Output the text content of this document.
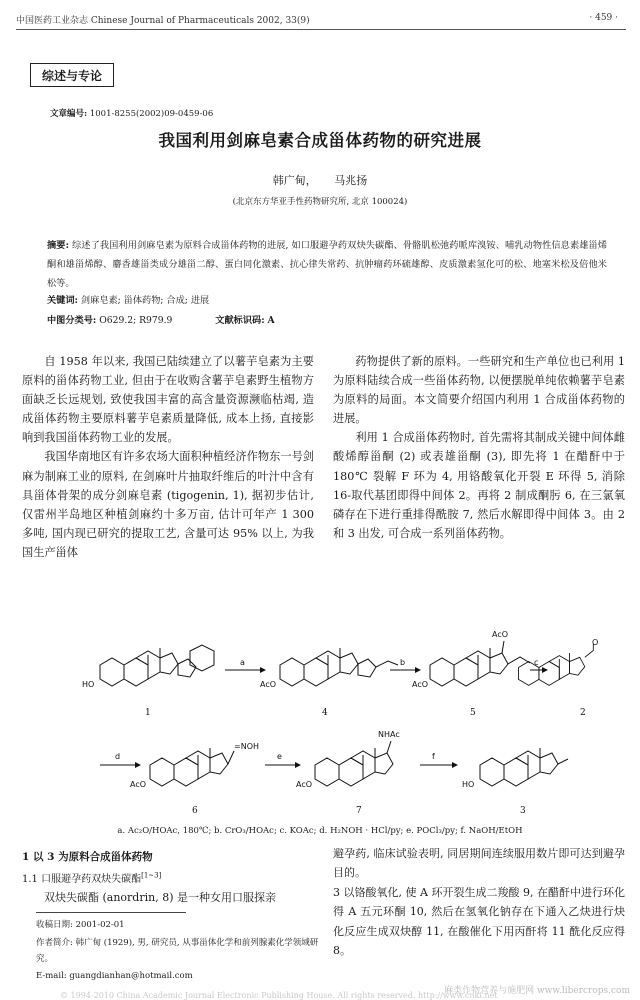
中国医药工业杂志 Chinese Journal of Pharmaceuticals 2002, 33(9)	· 459 ·
综述与专论
文章编号: 1001-8255(2002)09-0459-06
我国利用剑麻皂素合成甾体药物的研究进展
韩广甸， 马兆扬
(北京东方华亚手性药物研究所, 北京 100024)
摘要: 综述了我国利用剑麻皂素为原料合成甾体药物的进展, 如口服避孕药双炔失碳酯、骨骼肌松弛药哌库溴铵、哺乳动物性信息素雄甾烯酮和雄甾烯醇、麝香雄甾类成分雄甾二醇、蛋白同化激素、抗心律失常药、抗肿瘤药环硫雄醇、皮质激素氢化可的松、地塞米松及倍他米松等。
关键词: 剑麻皂素; 甾体药物; 合成; 进展
中图分类号: O629.2; R979.9	文献标识码: A

自 1958 年以来, 我国已陆续建立了以薯芋皂素为主要原料的甾体药物工业, 但由于在收购含薯芋皂素野生植物方面缺乏长远规划, 致使我国丰富的高含量资源濒临枯竭, 造成甾体药物主要原料薯芋皂素质量降低, 成本上扬, 直接影响到我国甾体药物工业的发展。

我国华南地区有许多农场大面积种植经济作物东一号剑麻为制麻工业的原料, 在剑麻叶片抽取纤维后的叶汁中含有具甾体骨架的成分剑麻皂素 (tigogenin, 1), 据初步估计, 仅雷州半岛地区种植剑麻约十多万亩, 估计可年产 1 300 多吨, 国内现已研究的提取工艺, 含量可达 95% 以上, 为我国生产甾体

药物提供了新的原料。一些研究和生产单位也已利用 1 为原料陆续合成一些甾体药物, 以便摆脱单纯依赖薯芋皂素为原料的局面。本文简要介绍国内利用 1 合成甾体药物的进展。

利用 1 合成甾体药物时, 首先需将其制成关键中间体雌酸烯醇甾酮 (2) 或表雄甾酮 (3), 即先将 1 在醋酐中于 180℃ 裂解 F 环为 4, 用铬酸氧化开裂 E 环得 5, 消除 16-取代基团即得中间体 2。再将 2 制成酮肟 6, 在三氯氧磷存在下进行重排得酰胺 7, 然后水解即得中间体 3。由 2 和 3 出发, 可合成一系列甾体药物。

HO
1
a
AcO
4
b
AcO
AcO
5
c
O
2
d
=NOH
AcO
6
e
NHAc
AcO
7
f
HO
3
a. Ac₂O/HOAc, 180℃; b. CrO₃/HOAc; c. KOAc; d. H₂NOH · HCl/py; e. POCl₃/py; f. NaOH/EtOH
1 以 3 为原料合成甾体药物
1.1 口服避孕药双炔失碳酯[1~3]
双炔失碳酯 (anordrin, 8) 是一种女用口服探亲
收稿日期: 2001-02-01
作者简介: 韩广甸 (1929), 男, 研究员, 从事甾体化学和前列腺素化学领域研究。
E-mail: guangdianhan@hotmail.com
避孕药, 临床试验表明, 同居期间连续服用数片即可达到避孕目的。
3 以铬酸氧化, 使 A 环开裂生成二羧酸 9, 在醋酐中进行环化得 A 五元环酮 10, 然后在氢氧化钠存在下通入乙炔进行炔化反应生成双炔醇 11, 在酸催化下用丙酐将 11 酰化反应得 8。
© 1994-2010 China Academic Journal Electronic Publishing House. All rights reserved. http://www.cnki.net
麻类作物营养与施肥网 www.libercrops.com
